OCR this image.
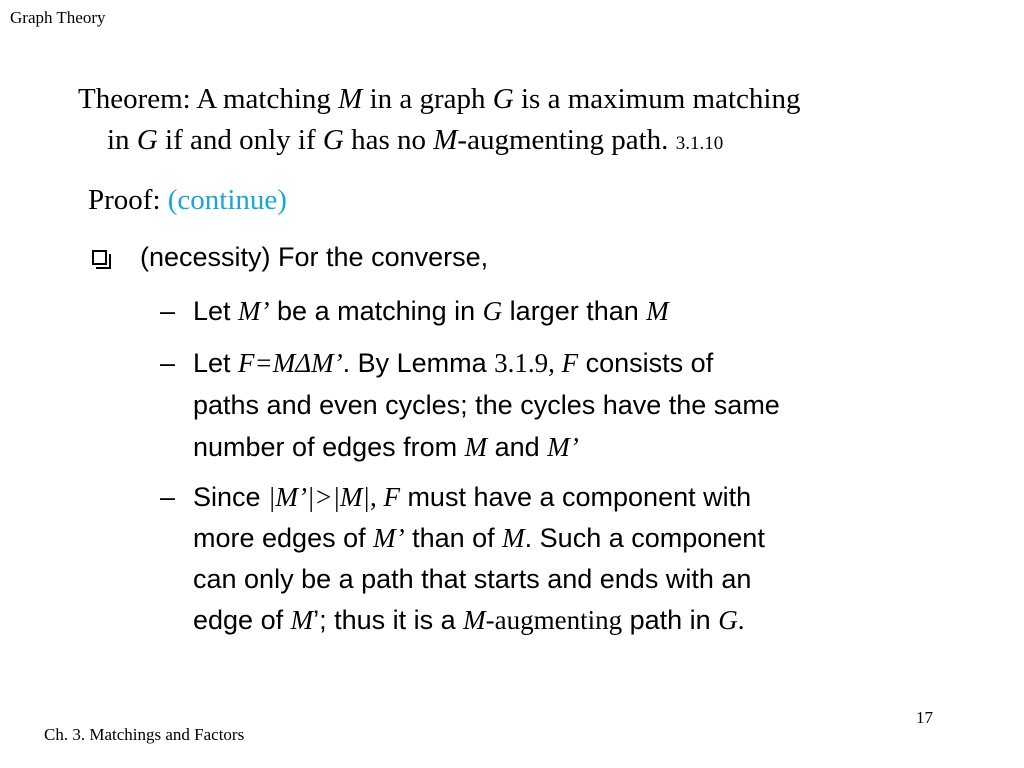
Graph Theory
Theorem: A matching M in a graph G is a maximum matching
in G if and only if G has no M-augmenting path. 3.1.10
Proof: (continue)
(necessity) For the converse,
– Let M’ be a matching in G larger than M
– Let F=MΔM’. By Lemma 3.1.9, F consists of
paths and even cycles; the cycles have the same
number of edges from M and M’
– Since |M’|>|M|, F must have a component with
more edges of M’ than of M. Such a component
can only be a path that starts and ends with an
edge of M’; thus it is a M-augmenting path in G.
Ch. 3. Matchings and Factors
17
